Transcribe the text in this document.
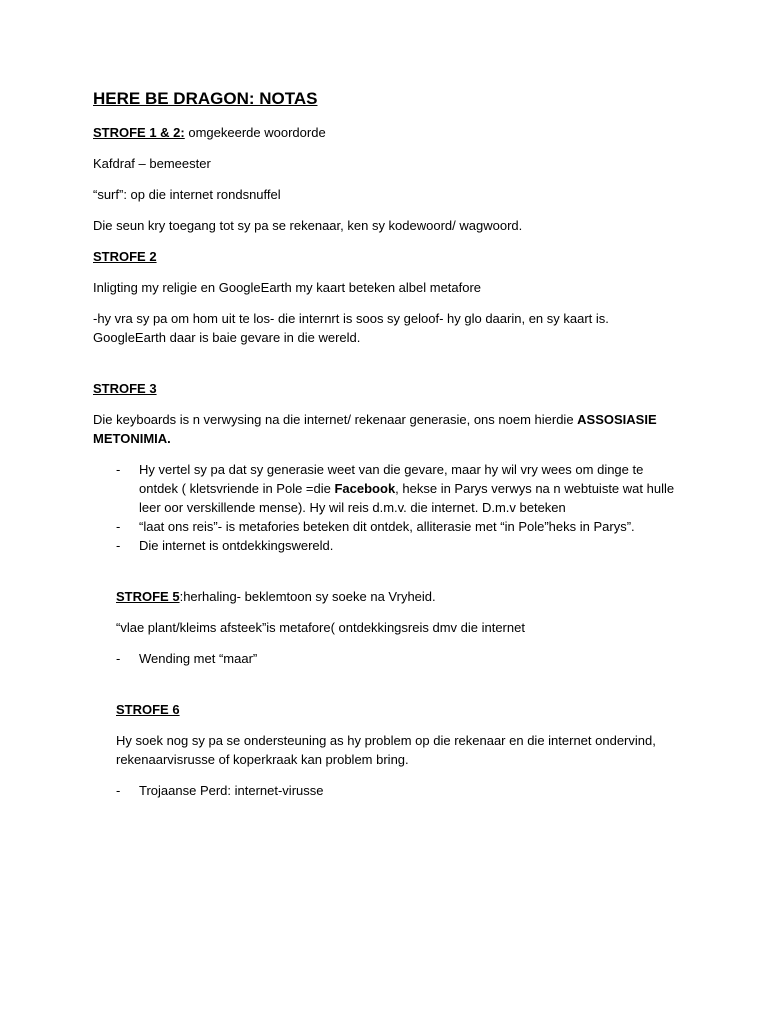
HERE BE DRAGON: NOTAS

STROFE 1 & 2: omgekeerde woordorde

Kafdraf – bemeester

“surf”: op die internet rondsnuffel

Die seun kry toegang tot sy pa se rekenaar, ken sy kodewoord/ wagwoord.

STROFE 2

Inligting my religie en GoogleEarth my kaart beteken albel metafore

-hy vra sy pa om hom uit te los- die internrt is soos sy geloof- hy glo daarin, en sy kaart is. GoogleEarth daar is baie gevare in die wereld.

STROFE 3

Die keyboards is n verwysing na die internet/ rekenaar generasie, ons noem hierdie ASSOSIASIE METONIMIA.

- Hy vertel sy pa dat sy generasie weet van die gevare, maar hy wil vry wees om dinge te ontdek ( kletsvriende in Pole =die Facebook, hekse in Parys verwys na n webtuiste wat hulle leer oor verskillende mense). Hy wil reis d.m.v. die internet. D.m.v beteken
- “laat ons reis”- is metafories beteken dit ontdek, alliterasie met “in Pole”heks in Parys”.
- Die internet is ontdekkingswereld.

STROFE 5:herhaling- beklemtoon sy soeke na Vryheid.

“vlae plant/kleims afsteek”is metafore( ontdekkingsreis dmv die internet

- Wending met “maar”

STROFE 6

Hy soek nog sy pa se ondersteuning as hy problem op die rekenaar en die internet ondervind, rekenaarvisrusse of koperkraak kan problem bring.

- Trojaanse Perd: internet-virusse
